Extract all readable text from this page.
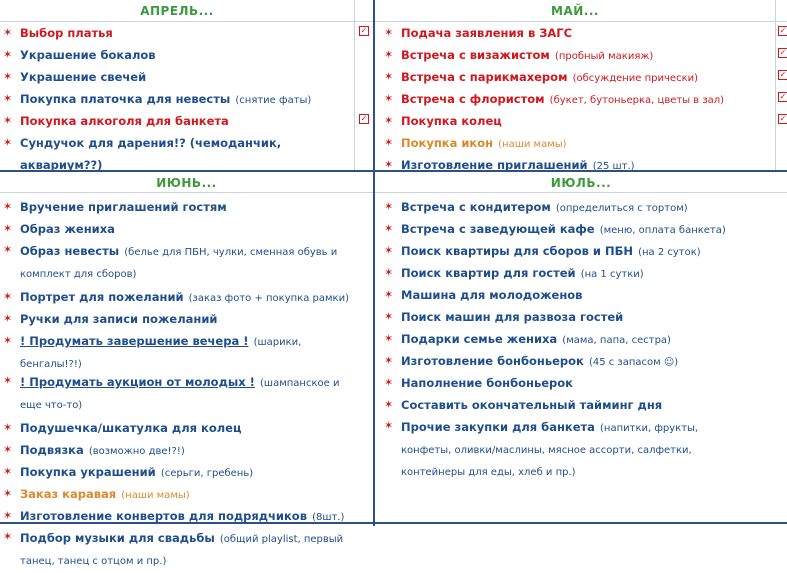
АПРЕЛЬ...	МАЙ...
ИЮНЬ...	ИЮЛЬ...
✶ Выбор платья
✶ Украшение бокалов
✶ Украшение свечей
✶ Покупка платочка для невесты (снятие фаты)
✶ Покупка алкоголя для банкета
✶ Сундучок для дарения!? (чемоданчик, аквариум??)
✶ Подача заявления в ЗАГС
✶ Встреча с визажистом (пробный макияж)
✶ Встреча с парикмахером (обсуждение прически)
✶ Встреча с флористом (букет, бутоньерка, цветы в зал)
✶ Покупка колец
✶ Покупка икон (наши мамы)
✶ Изготовление приглашений (25 шт.)
✶ Вручение приглашений гостям
✶ Образ жениха
✶ Образ невесты (белье для ПБН, чулки, сменная обувь и комплект для сборов)
✶ Портрет для пожеланий (заказ фото + покупка рамки)
✶ Ручки для записи пожеланий
✶ ! Продумать завершение вечера ! (шарики, бенгалы!?!)
✶ ! Продумать аукцион от молодых ! (шампанское и еще что-то)
✶ Подушечка/шкатулка для колец
✶ Подвязка (возможно две!?!)
✶ Покупка украшений (серьги, гребень)
✶ Заказ каравая (наши мамы)
✶ Изготовление конвертов для подрядчиков (8шт.)
✶ Подбор музыки для свадьбы (общий playlist, первый танец, танец с отцом и пр.)
✶ Встреча с кондитером (определиться с тортом)
✶ Встреча с заведующей кафе (меню, оплата банкета)
✶ Поиск квартиры для сборов и ПБН (на 2 суток)
✶ Поиск квартир для гостей (на 1 сутки)
✶ Машина для молодоженов
✶ Поиск машин для развоза гостей
✶ Подарки семье жениха (мама, папа, сестра)
✶ Изготовление бонбоньерок (45 с запасом ☺)
✶ Наполнение бонбоньерок
✶ Составить окончательный тайминг дня
✶ Прочие закупки для банкета (напитки, фрукты, конфеты, оливки/маслины, мясное ассорти, салфетки, контейнеры для еды, хлеб и пр.)
✓
✓
✓
✓
✓
✓
✓
